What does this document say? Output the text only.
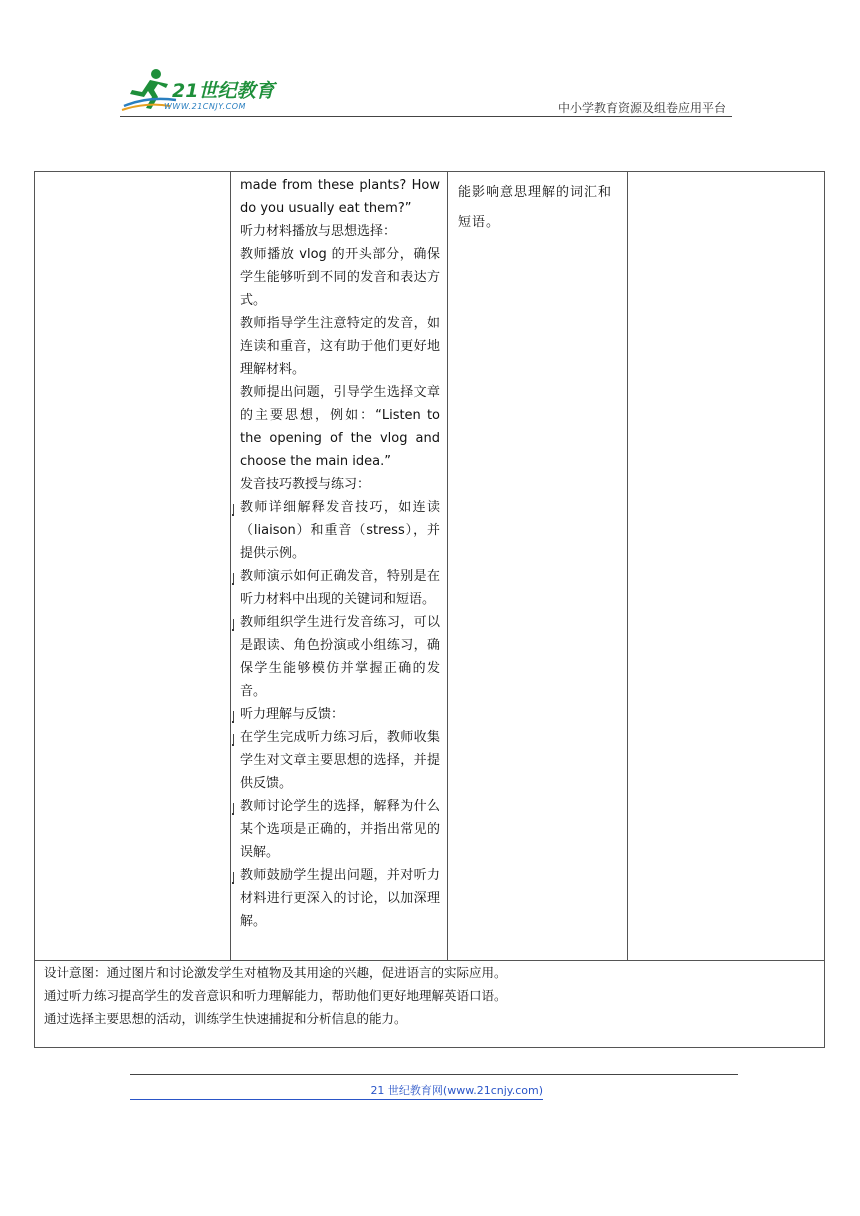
21世纪教育
WWW.21CNJY.COM	中小学教育资源及组卷应用平台

made from these plants? How do you usually eat them?”

听力材料播放与思想选择：

教师播放 vlog 的开头部分，确保学生能够听到不同的发音和表达方式。

教师指导学生注意特定的发音，如连读和重音，这有助于他们更好地理解材料。

教师提出问题，引导学生选择文章的主要思想，例如：“Listen to the opening of the vlog and choose the main idea.”

发音技巧教授与练习：

教师详细解释发音技巧，如连读（liaison）和重音（stress），并提供示例。

教师演示如何正确发音，特别是在听力材料中出现的关键词和短语。

教师组织学生进行发音练习，可以是跟读、角色扮演或小组练习，确保学生能够模仿并掌握正确的发音。

听力理解与反馈：

在学生完成听力练习后，教师收集学生对文章主要思想的选择，并提供反馈。

教师讨论学生的选择，解释为什么某个选项是正确的，并指出常见的误解。

教师鼓励学生提出问题，并对听力材料进行更深入的讨论，以加深理解。

能影响意思理解的词汇和短语。

设计意图：通过图片和讨论激发学生对植物及其用途的兴趣，促进语言的实际应用。

通过听力练习提高学生的发音意识和听力理解能力，帮助他们更好地理解英语口语。

通过选择主要思想的活动，训练学生快速捕捉和分析信息的能力。

21 世纪教育网(www.21cnjy.com)
